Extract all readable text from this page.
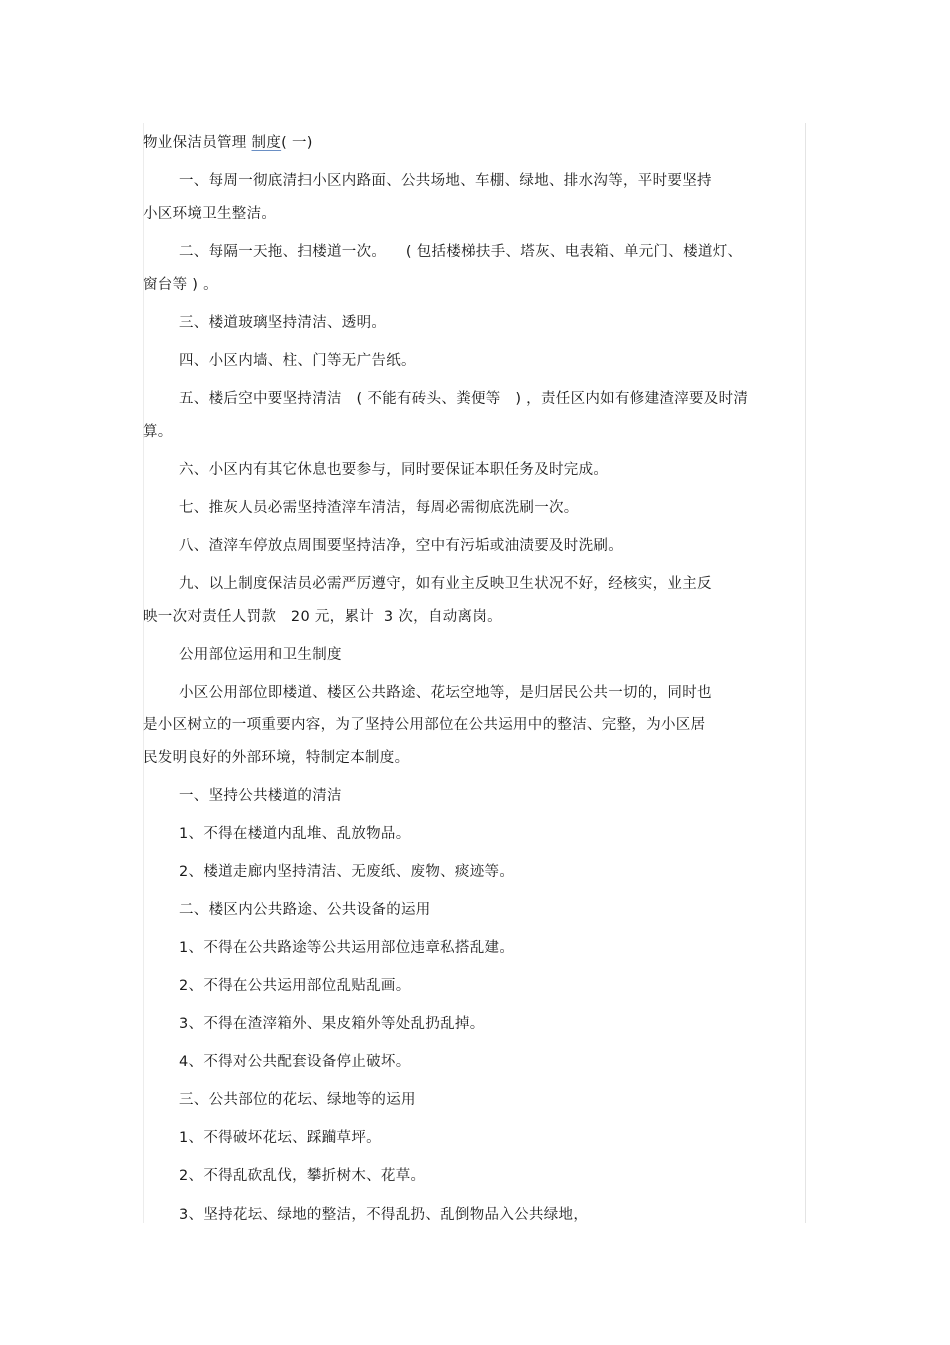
物业保洁员管理 制度( 一)
一、每周一彻底清扫小区内路面、公共场地、车棚、绿地、排水沟等，平时要坚持
小区环境卫生整洁。
二、每隔一天拖、扫楼道一次。    ( 包括楼梯扶手、塔灰、电表箱、单元门、楼道灯、
窗台等 ) 。
三、楼道玻璃坚持清洁、透明。
四、小区内墙、柱、门等无广告纸。
五、楼后空中要坚持清洁   ( 不能有砖头、粪便等   ) ，责任区内如有修建渣滓要及时清
算。
六、小区内有其它休息也要参与，同时要保证本职任务及时完成。
七、推灰人员必需坚持渣滓车清洁，每周必需彻底洗刷一次。
八、渣滓车停放点周围要坚持洁净，空中有污垢或油渍要及时洗刷。
九、以上制度保洁员必需严厉遵守，如有业主反映卫生状况不好，经核实，业主反
映一次对责任人罚款   20 元，累计  3 次，自动离岗。
公用部位运用和卫生制度
小区公用部位即楼道、楼区公共路途、花坛空地等，是归居民公共一切的，同时也
是小区树立的一项重要内容，为了坚持公用部位在公共运用中的整洁、完整，为小区居
民发明良好的外部环境，特制定本制度。
一、坚持公共楼道的清洁
1、不得在楼道内乱堆、乱放物品。
2、楼道走廊内坚持清洁、无废纸、废物、痰迹等。
二、楼区内公共路途、公共设备的运用
1、不得在公共路途等公共运用部位违章私搭乱建。
2、不得在公共运用部位乱贴乱画。
3、不得在渣滓箱外、果皮箱外等处乱扔乱掉。
4、不得对公共配套设备停止破坏。
三、公共部位的花坛、绿地等的运用
1、不得破坏花坛、踩躏草坪。
2、不得乱砍乱伐，攀折树木、花草。
3、坚持花坛、绿地的整洁，不得乱扔、乱倒物品入公共绿地，
